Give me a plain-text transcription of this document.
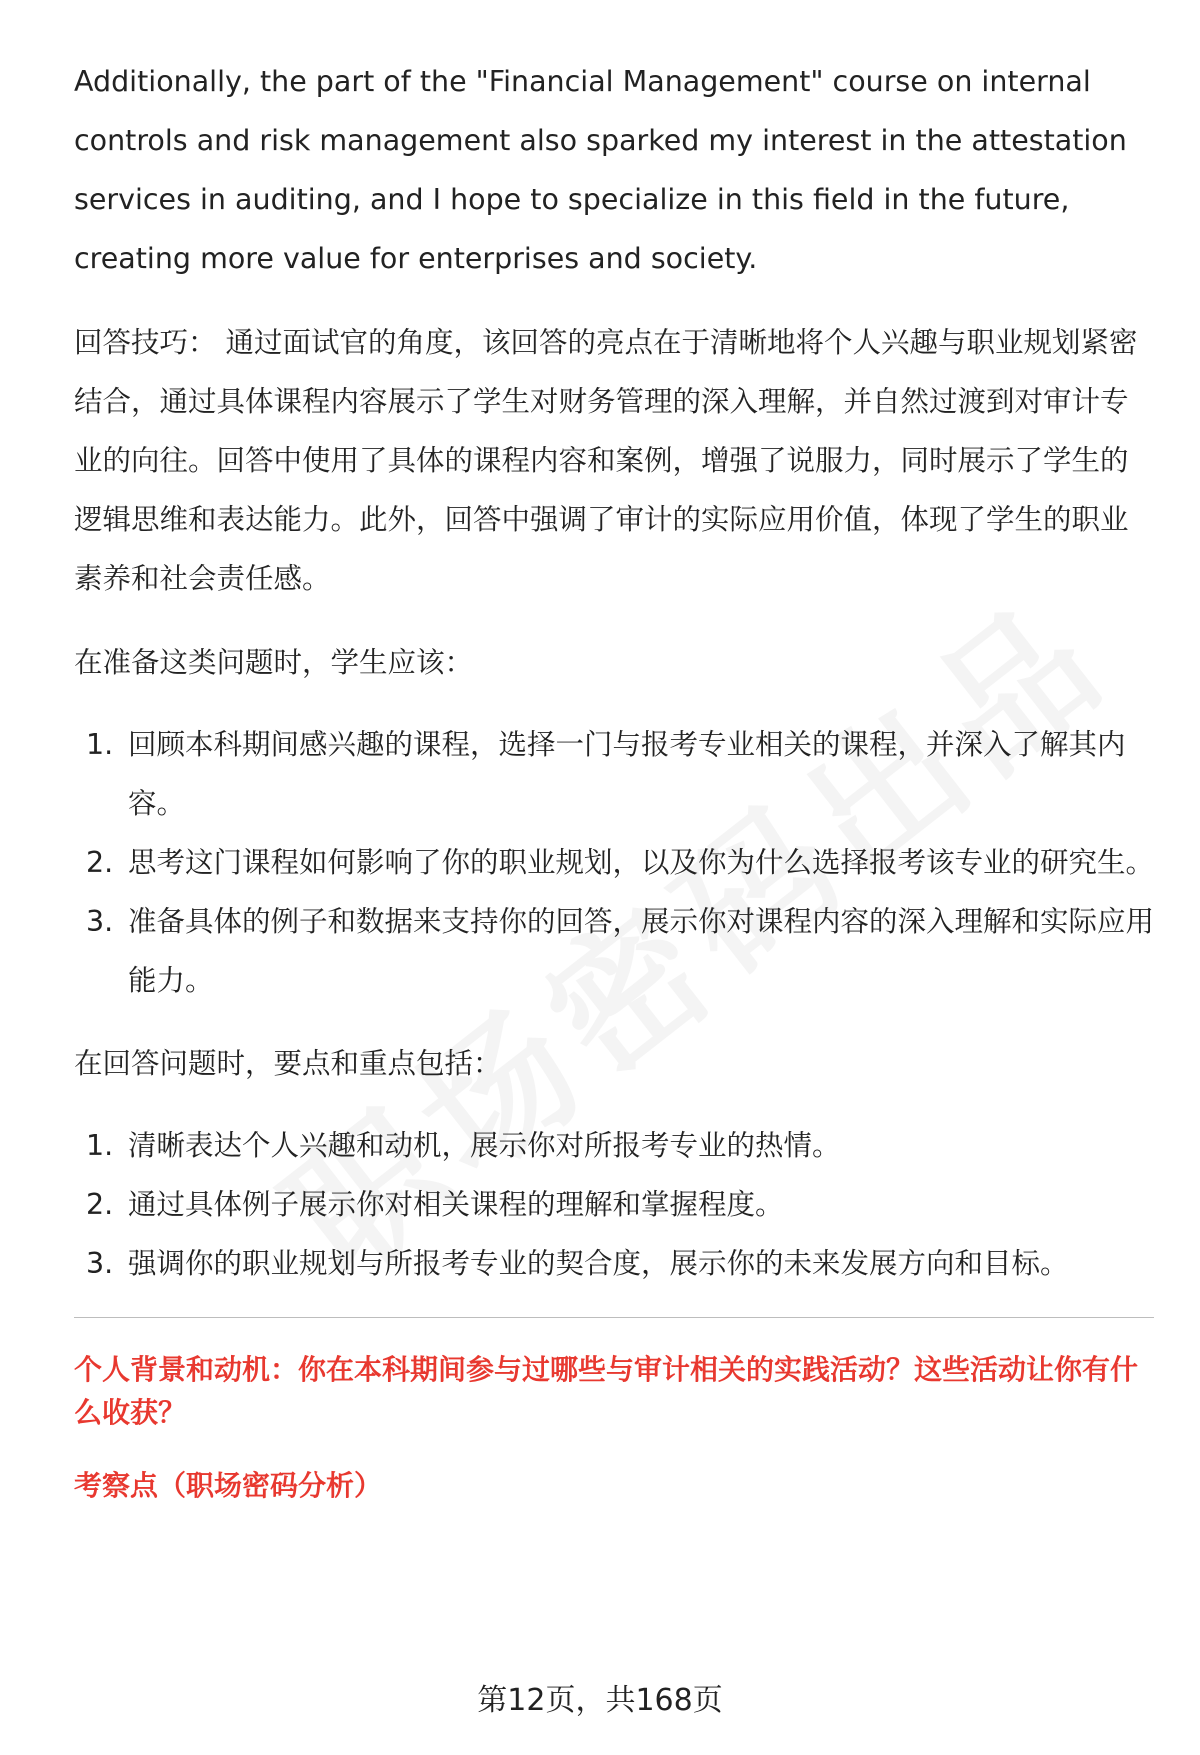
Additionally, the part of the "Financial Management" course on internal controls and risk management also sparked my interest in the attestation services in auditing, and I hope to specialize in this field in the future, creating more value for enterprises and society.

回答技巧： 通过面试官的角度，该回答的亮点在于清晰地将个人兴趣与职业规划紧密结合，通过具体课程内容展示了学生对财务管理的深入理解，并自然过渡到对审计专业的向往。回答中使用了具体的课程内容和案例，增强了说服力，同时展示了学生的逻辑思维和表达能力。此外，回答中强调了审计的实际应用价值，体现了学生的职业素养和社会责任感。

在准备这类问题时，学生应该：

1. 回顾本科期间感兴趣的课程，选择一门与报考专业相关的课程，并深入了解其内容。
2. 思考这门课程如何影响了你的职业规划，以及你为什么选择报考该专业的研究生。
3. 准备具体的例子和数据来支持你的回答，展示你对课程内容的深入理解和实际应用能力。

在回答问题时，要点和重点包括：

1. 清晰表达个人兴趣和动机，展示你对所报考专业的热情。
2. 通过具体例子展示你对相关课程的理解和掌握程度。
3. 强调你的职业规划与所报考专业的契合度，展示你的未来发展方向和目标。

个人背景和动机：你在本科期间参与过哪些与审计相关的实践活动？这些活动让你有什么收获？

考察点（职场密码分析）

第12页，共168页
